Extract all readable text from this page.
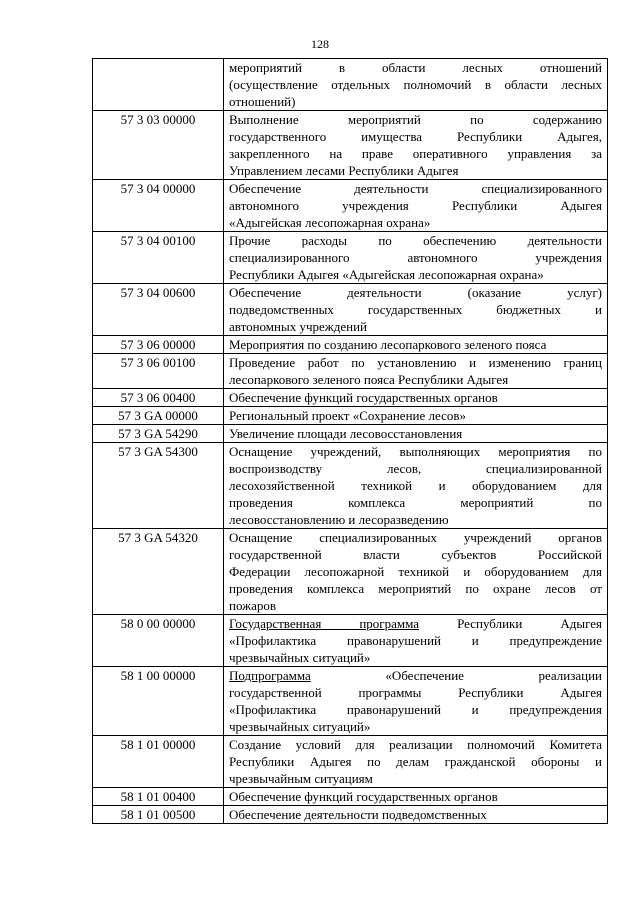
128

	мероприятий в области лесных отношений
(осуществление отдельных полномочий в области лесных
отношений)

57 3 03 00000	Выполнение мероприятий по содержанию
государственного имущества Республики Адыгея,
закрепленного на праве оперативного управления за
Управлением лесами Республики Адыгея

57 3 04 00000	Обеспечение деятельности специализированного
автономного учреждения Республики Адыгея
«Адыгейская лесопожарная охрана»

57 3 04 00100	Прочие расходы по обеспечению деятельности
специализированного автономного учреждения
Республики Адыгея «Адыгейская лесопожарная охрана»

57 3 04 00600	Обеспечение деятельности (оказание услуг)
подведомственных государственных бюджетных и
автономных учреждений

57 3 06 00000	Мероприятия по созданию лесопаркового зеленого пояса

57 3 06 00100	Проведение работ по установлению и изменению границ
лесопаркового зеленого пояса Республики Адыгея

57 3 06 00400	Обеспечение функций государственных органов

57 3 GA 00000	Региональный проект «Сохранение лесов»

57 3 GA 54290	Увеличение площади лесовосстановления

57 3 GA 54300	Оснащение учреждений, выполняющих мероприятия по
воспроизводству лесов, специализированной
лесохозяйственной техникой и оборудованием для
проведения комплекса мероприятий по
лесовосстановлению и лесоразведению

57 3 GA 54320	Оснащение специализированных учреждений органов
государственной власти субъектов Российской
Федерации лесопожарной техникой и оборудованием для
проведения комплекса мероприятий по охране лесов от
пожаров

58 0 00 00000	Государственная программа Республики Адыгея
«Профилактика правонарушений и предупреждение
чрезвычайных ситуаций»

58 1 00 00000	Подпрограмма «Обеспечение реализации
государственной программы Республики Адыгея
«Профилактика правонарушений и предупреждения
чрезвычайных ситуаций»

58 1 01 00000	Создание условий для реализации полномочий Комитета
Республики Адыгея по делам гражданской обороны и
чрезвычайным ситуациям

58 1 01 00400	Обеспечение функций государственных органов

58 1 01 00500	Обеспечение деятельности подведомственных
